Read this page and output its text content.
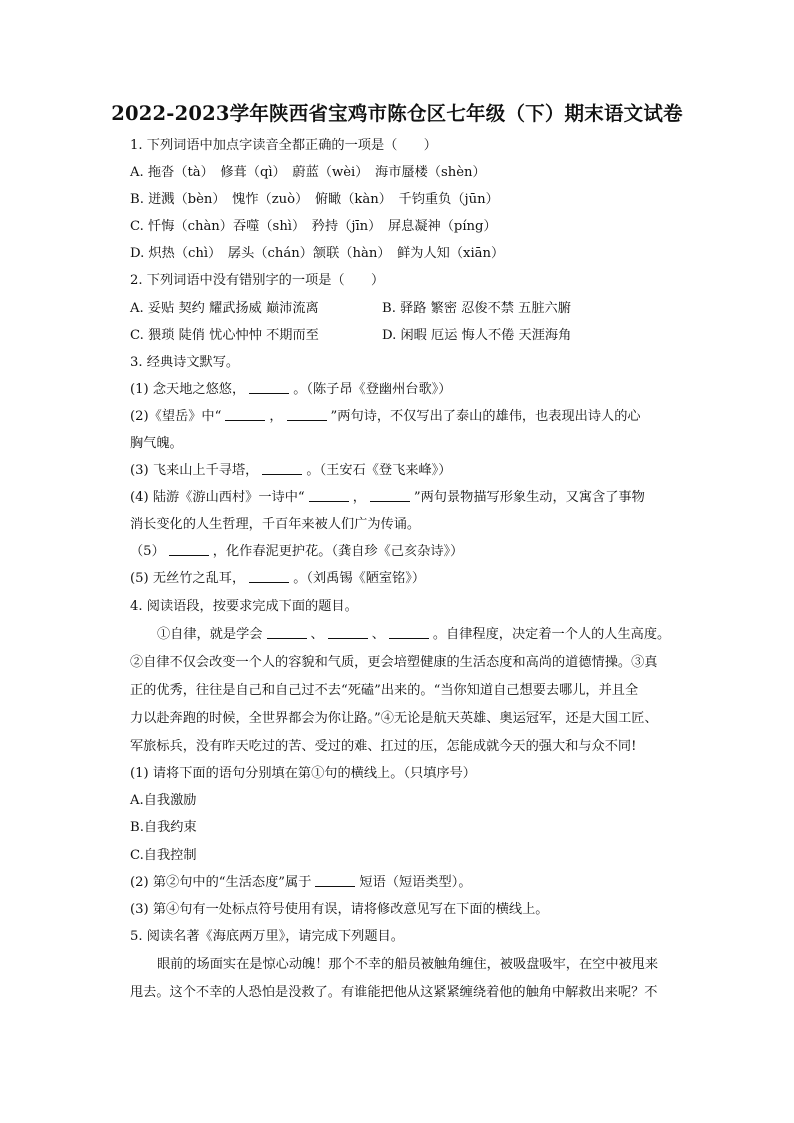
2022-2023学年陕西省宝鸡市陈仓区七年级（下）期末语文试卷
1. 下列词语中加点字读音全都正确的一项是（　　）
A. 拖沓（tà）　修葺（qì）　蔚蓝（wèi）　海市蜃楼（shèn）
B. 迸溅（bèn）　愧怍（zuò）　俯瞰（kàn）　千钧重负（jūn）
C. 忏悔（chàn）吞噬（shì）　矜持（jīn）　屏息凝神（píng）
D. 炽热（chì）　孱头（chán）颔联（hàn）　鲜为人知（xiān）
2. 下列词语中没有错别字的一项是（　　）
A. 妥贴 契约 耀武扬威 巅沛流离	B. 驿路 繁密 忍俊不禁 五脏六腑
C. 猥琐 陡俏 忧心忡忡 不期而至	D. 闲暇 厄运 悔人不倦 天涯海角
3. 经典诗文默写。
(1) 念天地之悠悠，	。（陈子昂《登幽州台歌》）
(2)《望岳》中“	，	”两句诗，不仅写出了泰山的雄伟，也表现出诗人的心
胸气魄。
(3) 飞来山上千寻塔，	。（王安石《登飞来峰》）
(4) 陆游《游山西村》一诗中“	，	”两句景物描写形象生动，又寓含了事物
消长变化的人生哲理，千百年来被人们广为传诵。
（5）	，化作春泥更护花。（龚自珍《己亥杂诗》）
(5) 无丝竹之乱耳，	。（刘禹锡《陋室铭》）
4. 阅读语段，按要求完成下面的题目。
①自律，就是学会	、	、	。自律程度，决定着一个人的人生高度。
②自律不仅会改变一个人的容貌和气质，更会培塑健康的生活态度和高尚的道德情操。③真
正的优秀，往往是自己和自己过不去“死磕”出来的。“当你知道自己想要去哪儿，并且全
力以赴奔跑的时候，全世界都会为你让路。”④无论是航天英雄、奥运冠军，还是大国工匠、
军旅标兵，没有昨天吃过的苦、受过的难、扛过的压，怎能成就今天的强大和与众不同!
(1) 请将下面的语句分别填在第①句的横线上。（只填序号）
A.自我激励
B.自我约束
C.自我控制
(2) 第②句中的“生活态度”属于	短语（短语类型）。
(3) 第④句有一处标点符号使用有误，请将修改意见写在下面的横线上。
5. 阅读名著《海底两万里》，请完成下列题目。
眼前的场面实在是惊心动魄！那个不幸的船员被触角缠住，被吸盘吸牢，在空中被甩来
甩去。这个不幸的人恐怕是没救了。有谁能把他从这紧紧缠绕着他的触角中解救出来呢？不
